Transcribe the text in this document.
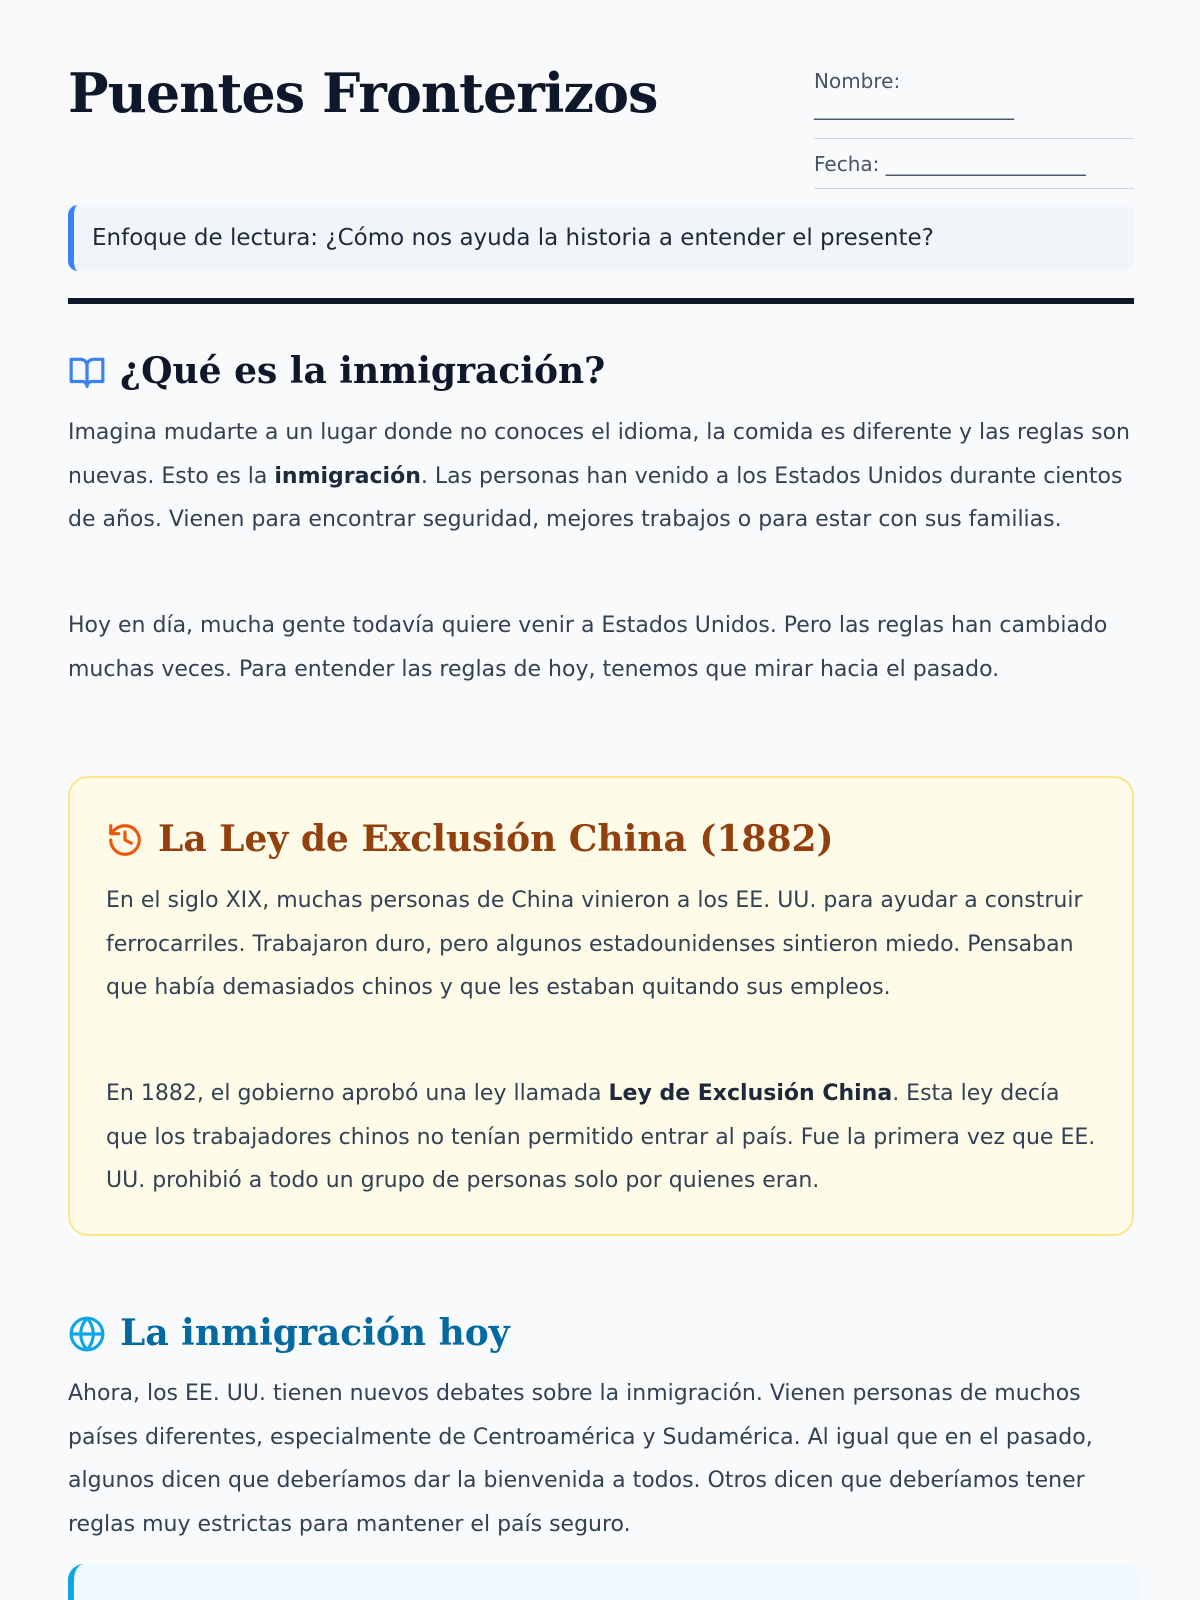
Puentes Fronterizos	Nombre:
____________________
Fecha: ____________________
Enfoque de lectura: ¿Cómo nos ayuda la historia a entender el presente?
¿Qué es la inmigración?

Imagina mudarte a un lugar donde no conoces el idioma, la comida es diferente y las reglas son nuevas. Esto es la inmigración. Las personas han venido a los Estados Unidos durante cientos de años. Vienen para encontrar seguridad, mejores trabajos o para estar con sus familias.

Hoy en día, mucha gente todavía quiere venir a Estados Unidos. Pero las reglas han cambiado muchas veces. Para entender las reglas de hoy, tenemos que mirar hacia el pasado.

La Ley de Exclusión China (1882)

En el siglo XIX, muchas personas de China vinieron a los EE. UU. para ayudar a construir ferrocarriles. Trabajaron duro, pero algunos estadounidenses sintieron miedo. Pensaban que había demasiados chinos y que les estaban quitando sus empleos.

En 1882, el gobierno aprobó una ley llamada Ley de Exclusión China. Esta ley decía que los trabajadores chinos no tenían permitido entrar al país. Fue la primera vez que EE. UU. prohibió a todo un grupo de personas solo por quienes eran.

La inmigración hoy

Ahora, los EE. UU. tienen nuevos debates sobre la inmigración. Vienen personas de muchos países diferentes, especialmente de Centroamérica y Sudamérica. Al igual que en el pasado, algunos dicen que deberíamos dar la bienvenida a todos. Otros dicen que deberíamos tener reglas muy estrictas para mantener el país seguro.
